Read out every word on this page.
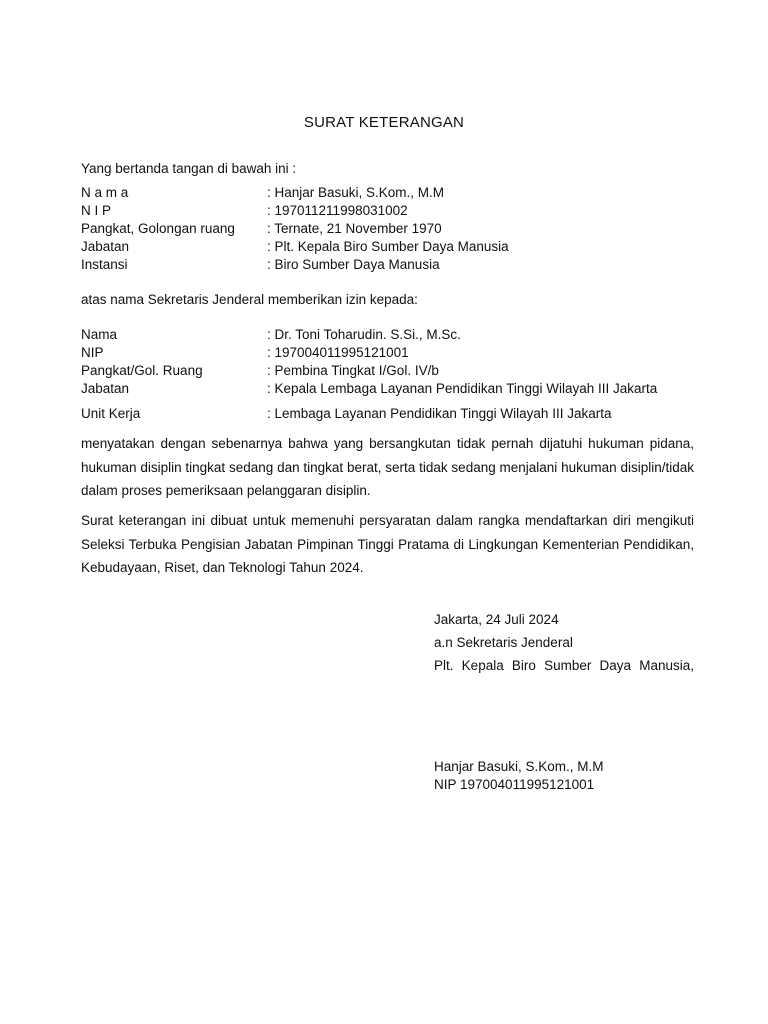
SURAT KETERANGAN
Yang bertanda tangan di bawah ini :
N a m a	: Hanjar Basuki, S.Kom., M.M
N I P	: 197011211998031002
Pangkat, Golongan ruang	: Ternate, 21 November 1970
Jabatan	: Plt. Kepala Biro Sumber Daya Manusia
Instansi	: Biro Sumber Daya Manusia
atas nama Sekretaris Jenderal memberikan izin kepada:
Nama	: Dr. Toni Toharudin. S.Si., M.Sc.
NIP	: 197004011995121001
Pangkat/Gol. Ruang	: Pembina Tingkat I/Gol. IV/b
Jabatan	: Kepala Lembaga Layanan Pendidikan Tinggi Wilayah III Jakarta
Unit Kerja	: Lembaga Layanan Pendidikan Tinggi Wilayah III Jakarta
menyatakan dengan sebenarnya bahwa yang bersangkutan tidak pernah dijatuhi hukuman pidana, hukuman disiplin tingkat sedang dan tingkat berat, serta tidak sedang menjalani hukuman disiplin/tidak dalam proses pemeriksaan pelanggaran disiplin.
Surat keterangan ini dibuat untuk memenuhi persyaratan dalam rangka mendaftarkan diri mengikuti Seleksi Terbuka Pengisian Jabatan Pimpinan Tinggi Pratama di Lingkungan Kementerian Pendidikan, Kebudayaan, Riset, dan Teknologi Tahun 2024.
Jakarta, 24 Juli 2024
a.n Sekretaris Jenderal
Plt. Kepala Biro Sumber Daya Manusia,
Hanjar Basuki, S.Kom., M.M
NIP 197004011995121001
